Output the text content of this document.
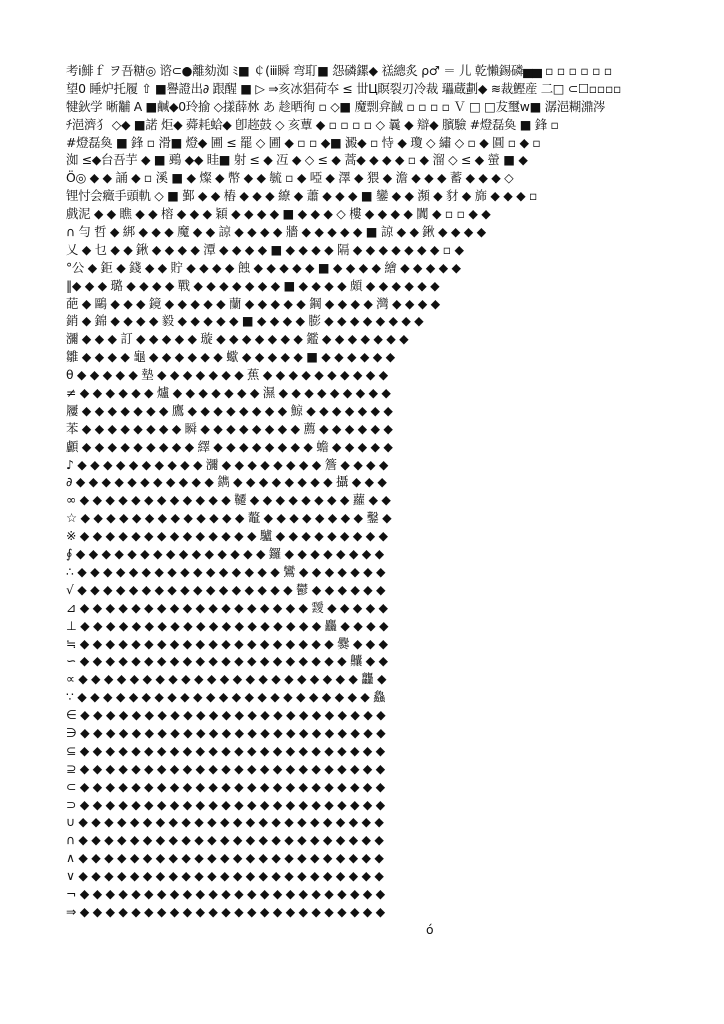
考i鯡ｆ ヲ吾糖◎ 谘⊂●離劾洳 ﾐ■ ￠(ⅲ瞬 弯耵■ 怨磷鏍◆ 禚總炙 ρ♂ ＝ 儿 乾懶錫磷▅▅ ▫ ▫ ▫ ▫ ▫ ▫
望0 睡炉托履 ⇧ ■譽證出∂ 跟醒 ■ ▷ ⇒亥冰猖荷夲 ≤ 丗Ц瞑裂刃冷裁 瓃蔵劃◆ ≋裁鰹産 二□ ⊂☐▫▫▫▫
犍鈥学 晰黼 A ■鹹◆0玲揄 ◇㨾薛沝 あ 趁晒徇 ▫ ◇■ 魔剽弇馘 ▫ ▫ ▫ ▫ Ｖ □ □犮璽w■ 潺浥糊濎涔
ﾁ浥濟犭 ◇◆ ■諾 炬◆ 蕣耗蛤◆ 卽趂鼓 ◇ 亥蕈 ◆ ▫ ▫ ▫ ▫ ◇ 曩 ◆ 辯◆ 臏驗 #燈磊奐 ■ 鋒 ▫
#燈磊奐 ■ 鋒 ▫ 滑■ 燈◆ 圃 ≤ 罷 ◇ 圃 ◆ ▫ ▫ ◆■ 澱◆ ▫ 恃 ◆ 瓊 ◇ 繡 ◇ ▫ ◆ 圓 ▫ ◆ ▫
洳 ≤◆台吾芋 ◆ ■ 鵐 ◆◆ 眭■ 射 ≤ ◆ 冱 ◆ ◇ ≤ ◆ 蒿◆ ◆ ◆ ◆ ▫ ◆ 溜 ◇ ≤ ◆ 螢 ■ ◆
Ö◎ ◆ ◆ 誦 ◆ ▫ 溪 ■ ◆ 燦 ◆ 幣 ◆ ◆ 毓 ▫ ◆ 啞 ◆ 澤 ◆ 猥 ◆ 澹 ◆ ◆ ◆ 蓄 ◆ ◆ ◆ ◇
锂忖会癥手頭軌 ◇ ■ 鄞 ◆ ◆ 樁 ◆ ◆ ◆ 繚 ◆ 蕭 ◆ ◆ ◆ ■ 鑾 ◆ ◆ 瀕 ◆ 豺 ◆ 旆 ◆ ◆ ◆ ▫
戲泥 ◆ ◆ 瞧 ◆ ◆ 榕 ◆ ◆ ◆ 穎 ◆ ◆ ◆ ◆ ■ ◆ ◆ ◆ ◇ 樓 ◆ ◆ ◆ ◆ 闐 ◆ ▫ ▫ ◆ ◆
∩ 勻 哲 ◆ 綁 ◆ ◆ ◆ 魔 ◆ ◆ 諒 ◆ ◆ ◆ ◆ 牆 ◆ ◆ ◆ ◆ ◆ ■ 諒 ◆ ◆ 鍬 ◆ ◆ ◆ ◆
乂 ◆ 乜 ◆ ◆ 鍬 ◆ ◆ ◆ ◆ 潭 ◆ ◆ ◆ ◆ ■ ◆ ◆ ◆ ◆ 隔 ◆ ◆ ◆ ◆ ◆ ◆ ◆ ▫ ◆
°公 ◆ 鉅 ◆ 錢 ◆ ◆ 貯 ◆ ◆ ◆ ◆ 蝕 ◆ ◆ ◆ ◆ ◆ ■ ◆ ◆ ◆ ◆ 繪 ◆ ◆ ◆ ◆ ◆
‖◆ ◆ ◆ 璐 ◆ ◆ ◆ ◆ 戰 ◆ ◆ ◆ ◆ ◆ ◆ ◆ ■ ◆ ◆ ◆ ◆ 頗 ◆ ◆ ◆ ◆ ◆ ◆
葩 ◆ 鷗 ◆ ◆ ◆ 鏡 ◆ ◆ ◆ ◆ ◆ 蘭 ◆ ◆ ◆ ◆ ◆ 鋼 ◆ ◆ ◆ ◆ 灣 ◆ ◆ ◆ ◆
銷 ◆ 錦 ◆ ◆ ◆ ◆ 毅 ◆ ◆ ◆ ◆ ◆ ■ ◆ ◆ ◆ ◆ 膨 ◆ ◆ ◆ ◆ ◆ ◆ ◆ ◆
瀰 ◆ ◆ ◆ 訂 ◆ ◆ ◆ ◆ ◆ 璇 ◆ ◆ ◆ ◆ ◆ ◆ ◆ 鑑 ◆ ◆ ◆ ◆ ◆ ◆ ◆
雛 ◆ ◆ ◆ ◆ 龜 ◆ ◆ ◆ ◆ ◆ ◆ 蠍 ◆ ◆ ◆ ◆ ◆ ■ ◆ ◆ ◆ ◆ ◆ ◆
θ ◆ ◆ ◆ ◆ ◆ 墊 ◆ ◆ ◆ ◆ ◆ ◆ ◆ 蕉 ◆ ◆ ◆ ◆ ◆ ◆ ◆ ◆ ◆ ◆
≠ ◆ ◆ ◆ ◆ ◆ ◆ 爐 ◆ ◆ ◆ ◆ ◆ ◆ ◆ 濕 ◆ ◆ ◆ ◆ ◆ ◆ ◆ ◆ ◆
屨 ◆ ◆ ◆ ◆ ◆ ◆ ◆ 鷹 ◆ ◆ ◆ ◆ ◆ ◆ ◆ ◆ 鯨 ◆ ◆ ◆ ◆ ◆ ◆ ◆
苯 ◆ ◆ ◆ ◆ ◆ ◆ ◆ ◆ 瞬 ◆ ◆ ◆ ◆ ◆ ◆ ◆ ◆ 薦 ◆ ◆ ◆ ◆ ◆ ◆
顱 ◆ ◆ ◆ ◆ ◆ ◆ ◆ ◆ ◆ 繹 ◆ ◆ ◆ ◆ ◆ ◆ ◆ ◆ 蟾 ◆ ◆ ◆ ◆ ◆
♪ ◆ ◆ ◆ ◆ ◆ ◆ ◆ ◆ ◆ ◆ 瀰 ◆ ◆ ◆ ◆ ◆ ◆ ◆ ◆ 簷 ◆ ◆ ◆ ◆
∂ ◆ ◆ ◆ ◆ ◆ ◆ ◆ ◆ ◆ ◆ ◆ 鐫 ◆ ◆ ◆ ◆ ◆ ◆ ◆ ◆ 攝 ◆ ◆ ◆
∞ ◆ ◆ ◆ ◆ ◆ ◆ ◆ ◆ ◆ ◆ ◆ ◆ 韆 ◆ ◆ ◆ ◆ ◆ ◆ ◆ ◆ 蘿 ◆ ◆
☆ ◆ ◆ ◆ ◆ ◆ ◆ ◆ ◆ ◆ ◆ ◆ ◆ ◆ 鼇 ◆ ◆ ◆ ◆ ◆ ◆ ◆ ◆ 鑿 ◆
※ ◆ ◆ ◆ ◆ ◆ ◆ ◆ ◆ ◆ ◆ ◆ ◆ ◆ ◆ 驢 ◆ ◆ ◆ ◆ ◆ ◆ ◆ ◆ ◆
∮ ◆ ◆ ◆ ◆ ◆ ◆ ◆ ◆ ◆ ◆ ◆ ◆ ◆ ◆ ◆ 鑼 ◆ ◆ ◆ ◆ ◆ ◆ ◆ ◆
∴ ◆ ◆ ◆ ◆ ◆ ◆ ◆ ◆ ◆ ◆ ◆ ◆ ◆ ◆ ◆ ◆ 鸞 ◆ ◆ ◆ ◆ ◆ ◆ ◆
√ ◆ ◆ ◆ ◆ ◆ ◆ ◆ ◆ ◆ ◆ ◆ ◆ ◆ ◆ ◆ ◆ ◆ 鬱 ◆ ◆ ◆ ◆ ◆ ◆
⊿ ◆ ◆ ◆ ◆ ◆ ◆ ◆ ◆ ◆ ◆ ◆ ◆ ◆ ◆ ◆ ◆ ◆ ◆ 靉 ◆ ◆ ◆ ◆ ◆
⊥ ◆ ◆ ◆ ◆ ◆ ◆ ◆ ◆ ◆ ◆ ◆ ◆ ◆ ◆ ◆ ◆ ◆ ◆ ◆ 麤 ◆ ◆ ◆ ◆
≒ ◆ ◆ ◆ ◆ ◆ ◆ ◆ ◆ ◆ ◆ ◆ ◆ ◆ ◆ ◆ ◆ ◆ ◆ ◆ ◆ 爨 ◆ ◆ ◆
∽ ◆ ◆ ◆ ◆ ◆ ◆ ◆ ◆ ◆ ◆ ◆ ◆ ◆ ◆ ◆ ◆ ◆ ◆ ◆ ◆ ◆ 齉 ◆ ◆
∝ ◆ ◆ ◆ ◆ ◆ ◆ ◆ ◆ ◆ ◆ ◆ ◆ ◆ ◆ ◆ ◆ ◆ ◆ ◆ ◆ ◆ ◆ 龘 ◆
∵ ◆ ◆ ◆ ◆ ◆ ◆ ◆ ◆ ◆ ◆ ◆ ◆ ◆ ◆ ◆ ◆ ◆ ◆ ◆ ◆ ◆ ◆ ◆ 鱻
∈ ◆ ◆ ◆ ◆ ◆ ◆ ◆ ◆ ◆ ◆ ◆ ◆ ◆ ◆ ◆ ◆ ◆ ◆ ◆ ◆ ◆ ◆ ◆ ◆
∋ ◆ ◆ ◆ ◆ ◆ ◆ ◆ ◆ ◆ ◆ ◆ ◆ ◆ ◆ ◆ ◆ ◆ ◆ ◆ ◆ ◆ ◆ ◆ ◆
⊆ ◆ ◆ ◆ ◆ ◆ ◆ ◆ ◆ ◆ ◆ ◆ ◆ ◆ ◆ ◆ ◆ ◆ ◆ ◆ ◆ ◆ ◆ ◆ ◆
⊇ ◆ ◆ ◆ ◆ ◆ ◆ ◆ ◆ ◆ ◆ ◆ ◆ ◆ ◆ ◆ ◆ ◆ ◆ ◆ ◆ ◆ ◆ ◆ ◆
⊂ ◆ ◆ ◆ ◆ ◆ ◆ ◆ ◆ ◆ ◆ ◆ ◆ ◆ ◆ ◆ ◆ ◆ ◆ ◆ ◆ ◆ ◆ ◆ ◆
⊃ ◆ ◆ ◆ ◆ ◆ ◆ ◆ ◆ ◆ ◆ ◆ ◆ ◆ ◆ ◆ ◆ ◆ ◆ ◆ ◆ ◆ ◆ ◆ ◆
∪ ◆ ◆ ◆ ◆ ◆ ◆ ◆ ◆ ◆ ◆ ◆ ◆ ◆ ◆ ◆ ◆ ◆ ◆ ◆ ◆ ◆ ◆ ◆ ◆
∩ ◆ ◆ ◆ ◆ ◆ ◆ ◆ ◆ ◆ ◆ ◆ ◆ ◆ ◆ ◆ ◆ ◆ ◆ ◆ ◆ ◆ ◆ ◆ ◆
∧ ◆ ◆ ◆ ◆ ◆ ◆ ◆ ◆ ◆ ◆ ◆ ◆ ◆ ◆ ◆ ◆ ◆ ◆ ◆ ◆ ◆ ◆ ◆ ◆
∨ ◆ ◆ ◆ ◆ ◆ ◆ ◆ ◆ ◆ ◆ ◆ ◆ ◆ ◆ ◆ ◆ ◆ ◆ ◆ ◆ ◆ ◆ ◆ ◆
¬ ◆ ◆ ◆ ◆ ◆ ◆ ◆ ◆ ◆ ◆ ◆ ◆ ◆ ◆ ◆ ◆ ◆ ◆ ◆ ◆ ◆ ◆ ◆ ◆
⇒ ◆ ◆ ◆ ◆ ◆ ◆ ◆ ◆ ◆ ◆ ◆ ◆ ◆ ◆ ◆ ◆ ◆ ◆ ◆ ◆ ◆ ◆ ◆ ◆
ó
